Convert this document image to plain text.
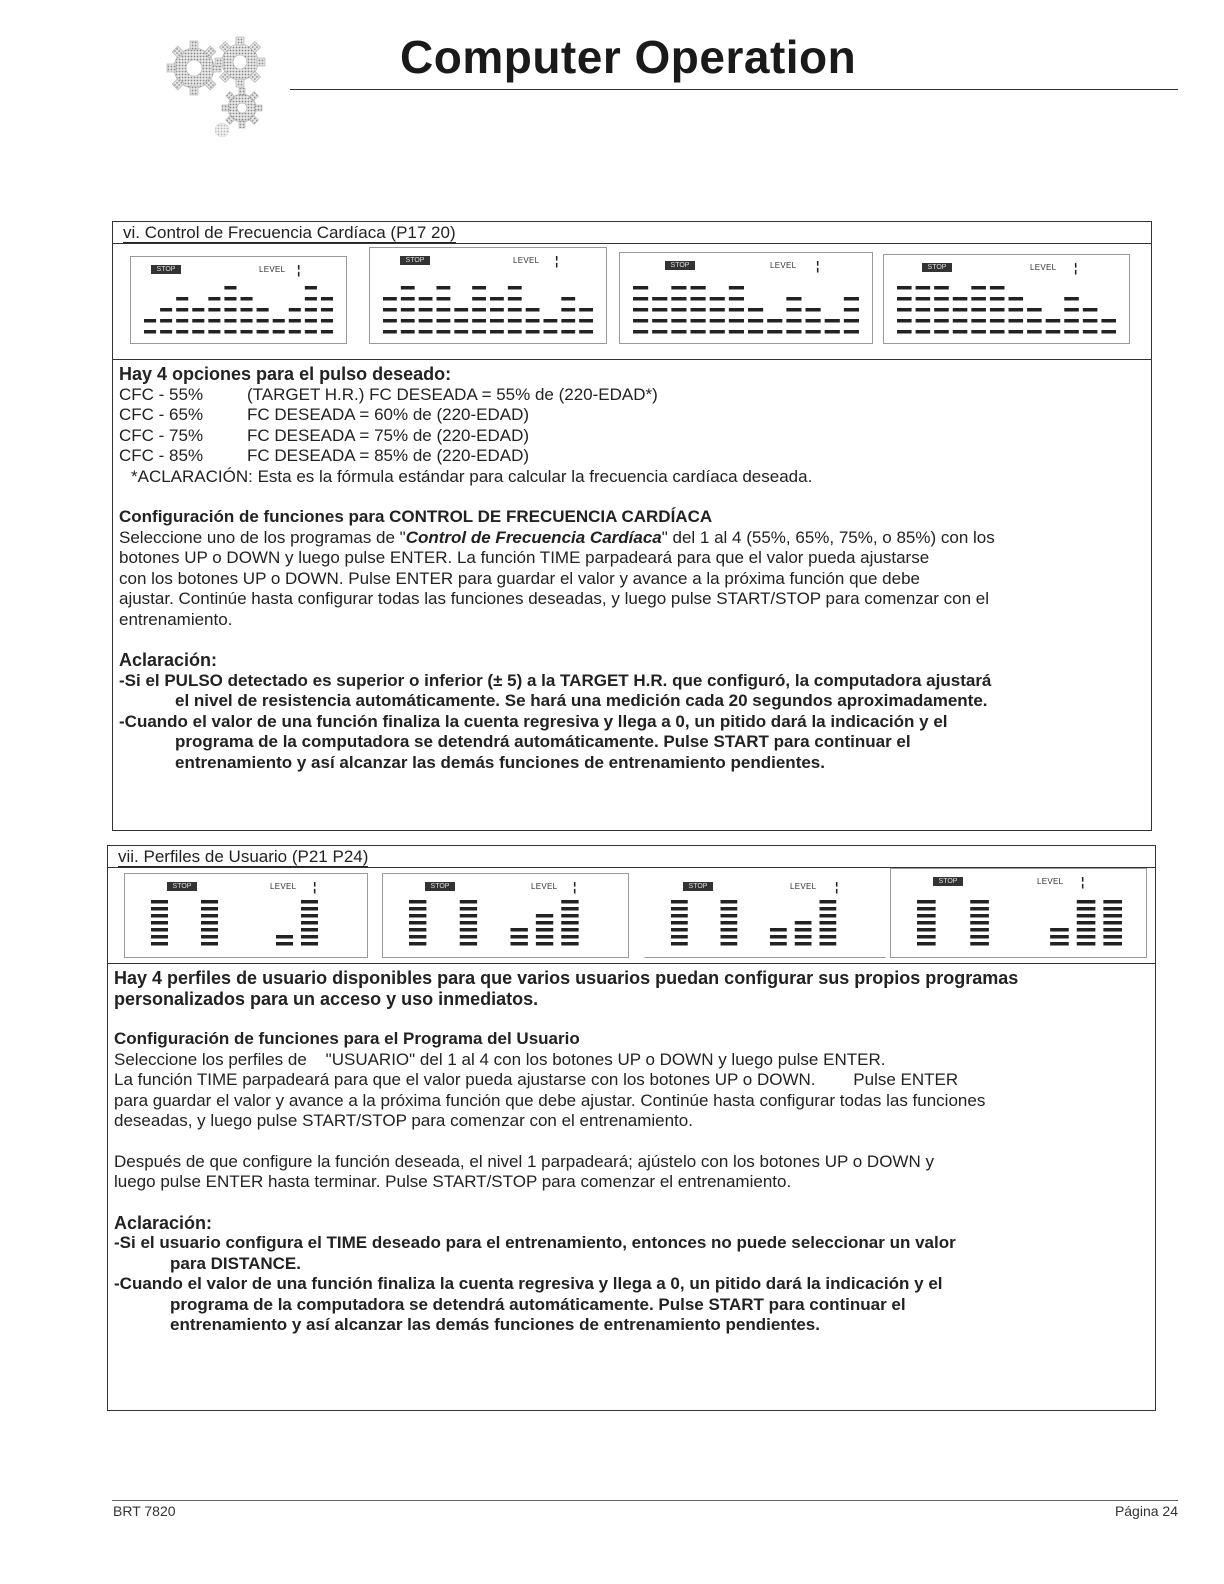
Computer Operation
vi. Control de Frecuencia Cardíaca (P17 20)
STOP	LEVEL ¦
STOP	LEVEL ¦	STOP	LEVEL ¦	STOP	LEVEL ¦

Hay 4 opciones para el pulso deseado:

CFC - 55%	(TARGET H.R.) FC DESEADA = 55% de (220-EDAD*)
CFC - 65%	FC DESEADA = 60% de (220-EDAD)
CFC - 75%	FC DESEADA = 75% de (220-EDAD)
CFC - 85%	FC DESEADA = 85% de (220-EDAD)

*ACLARACIÓN: Esta es la fórmula estándar para calcular la frecuencia cardíaca deseada.

Configuración de funciones para CONTROL DE FRECUENCIA CARDÍACA

Seleccione uno de los programas de "Control de Frecuencia Cardíaca" del 1 al 4 (55%, 65%, 75%, o 85%) con los

botones UP o DOWN y luego pulse ENTER. La función TIME parpadeará para que el valor pueda ajustarse

con los botones UP o DOWN. Pulse ENTER para guardar el valor y avance a la próxima función que debe

ajustar. Continúe hasta configurar todas las funciones deseadas, y luego pulse START/STOP para comenzar con el

entrenamiento.

Aclaración:

-Si el PULSO detectado es superior o inferior (± 5) a la TARGET H.R. que configuró, la computadora ajustará

el nivel de resistencia automáticamente. Se hará una medición cada 20 segundos aproximadamente.

-Cuando el valor de una función finaliza la cuenta regresiva y llega a 0, un pitido dará la indicación y el

programa de la computadora se detendrá automáticamente. Pulse START para continuar el

entrenamiento y así alcanzar las demás funciones de entrenamiento pendientes.

vii. Perfiles de Usuario (P21 P24)
STOP	LEVEL ¦	STOP	LEVEL ¦	STOP	LEVEL ¦	STOP	LEVEL ¦

Hay 4 perfiles de usuario disponibles para que varios usuarios puedan configurar sus propios programas

personalizados para un acceso y uso inmediatos.

Configuración de funciones para el Programa del Usuario

Seleccione los perfiles de    "USUARIO" del 1 al 4 con los botones UP o DOWN y luego pulse ENTER.

La función TIME parpadeará para que el valor pueda ajustarse con los botones UP o DOWN.        Pulse ENTER

para guardar el valor y avance a la próxima función que debe ajustar. Continúe hasta configurar todas las funciones

deseadas, y luego pulse START/STOP para comenzar con el entrenamiento.

Después de que configure la función deseada, el nivel 1 parpadeará; ajústelo con los botones UP o DOWN y

luego pulse ENTER hasta terminar. Pulse START/STOP para comenzar el entrenamiento.

Aclaración:

-Si el usuario configura el TIME deseado para el entrenamiento, entonces no puede seleccionar un valor

para DISTANCE.

-Cuando el valor de una función finaliza la cuenta regresiva y llega a 0, un pitido dará la indicación y el

programa de la computadora se detendrá automáticamente. Pulse START para continuar el

entrenamiento y así alcanzar las demás funciones de entrenamiento pendientes.

BRT 7820	Página 24
